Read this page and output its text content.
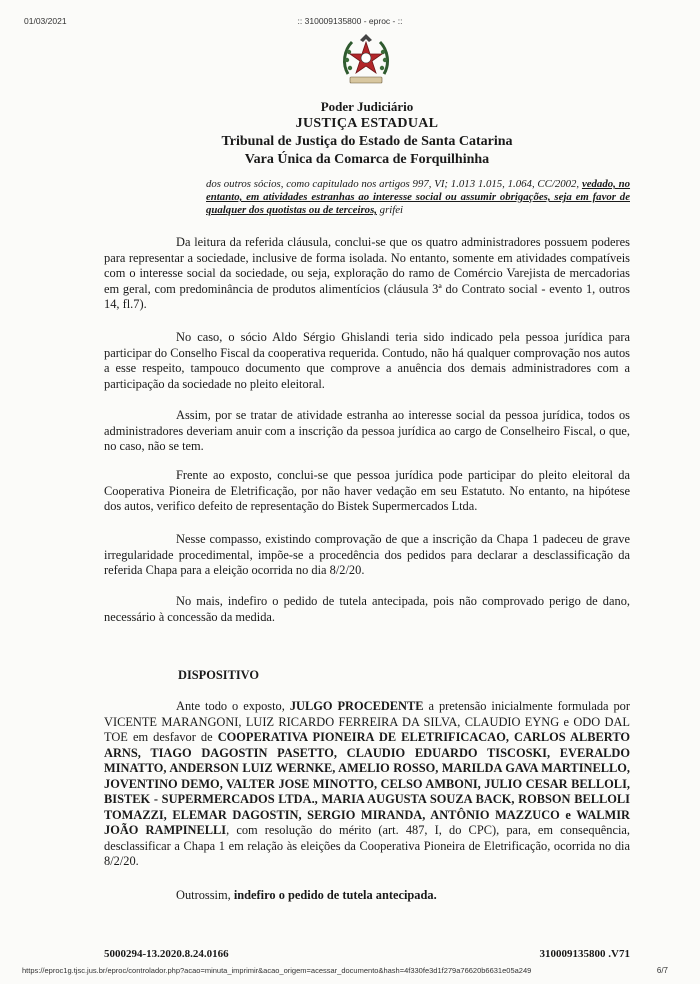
01/03/2021	:: 310009135800 - eproc - ::
Poder Judiciário
JUSTIÇA ESTADUAL
Tribunal de Justiça do Estado de Santa Catarina
Vara Única da Comarca de Forquilhinha
dos outros sócios, como capitulado nos artigos 997, VI; 1.013 1.015, 1.064, CC/2002, vedado, no entanto, em atividades estranhas ao interesse social ou assumir obrigações, seja em favor de qualquer dos quotistas ou de terceiros, grifei
Da leitura da referida cláusula, conclui-se que os quatro administradores possuem poderes para representar a sociedade, inclusive de forma isolada. No entanto, somente em atividades compatíveis com o interesse social da sociedade, ou seja, exploração do ramo de Comércio Varejista de mercadorias em geral, com predominância de produtos alimentícios (cláusula 3ª do Contrato social - evento 1, outros 14, fl.7).
No caso, o sócio Aldo Sérgio Ghislandi teria sido indicado pela pessoa jurídica para participar do Conselho Fiscal da cooperativa requerida. Contudo, não há qualquer comprovação nos autos a esse respeito, tampouco documento que comprove a anuência dos demais administradores com a participação da sociedade no pleito eleitoral.
Assim, por se tratar de atividade estranha ao interesse social da pessoa jurídica, todos os administradores deveriam anuir com a inscrição da pessoa jurídica ao cargo de Conselheiro Fiscal, o que, no caso, não se tem.
Frente ao exposto, conclui-se que pessoa jurídica pode participar do pleito eleitoral da Cooperativa Pioneira de Eletrificação, por não haver vedação em seu Estatuto. No entanto, na hipótese dos autos, verifico defeito de representação do Bistek Supermercados Ltda.
Nesse compasso, existindo comprovação de que a inscrição da Chapa 1 padeceu de grave irregularidade procedimental, impõe-se a procedência dos pedidos para declarar a desclassificação da referida Chapa para a eleição ocorrida no dia 8/2/20.
No mais, indefiro o pedido de tutela antecipada, pois não comprovado perigo de dano, necessário à concessão da medida.
DISPOSITIVO
Ante todo o exposto, JULGO PROCEDENTE a pretensão inicialmente formulada por VICENTE MARANGONI, LUIZ RICARDO FERREIRA DA SILVA, CLAUDIO EYNG e ODO DAL TOE em desfavor de COOPERATIVA PIONEIRA DE ELETRIFICACAO, CARLOS ALBERTO ARNS, TIAGO DAGOSTIN PASETTO, CLAUDIO EDUARDO TISCOSKI, EVERALDO MINATTO, ANDERSON LUIZ WERNKE, AMELIO ROSSO, MARILDA GAVA MARTINELLO, JOVENTINO DEMO, VALTER JOSE MINOTTO, CELSO AMBONI, JULIO CESAR BELLOLI, BISTEK - SUPERMERCADOS LTDA., MARIA AUGUSTA SOUZA BACK, ROBSON BELLOLI TOMAZZI, ELEMAR DAGOSTIN, SERGIO MIRANDA, ANTÔNIO MAZZUCO e WALMIR JOÃO RAMPINELLI, com resolução do mérito (art. 487, I, do CPC), para, em consequência, desclassificar a Chapa 1 em relação às eleições da Cooperativa Pioneira de Eletrificação, ocorrida no dia 8/2/20.
Outrossim, indefiro o pedido de tutela antecipada.
5000294-13.2020.8.24.0166	310009135800 .V71
https://eproc1g.tjsc.jus.br/eproc/controlador.php?acao=minuta_imprimir&acao_origem=acessar_documento&hash=4f330fe3d1f279a76620b6631e05a249	6/7
